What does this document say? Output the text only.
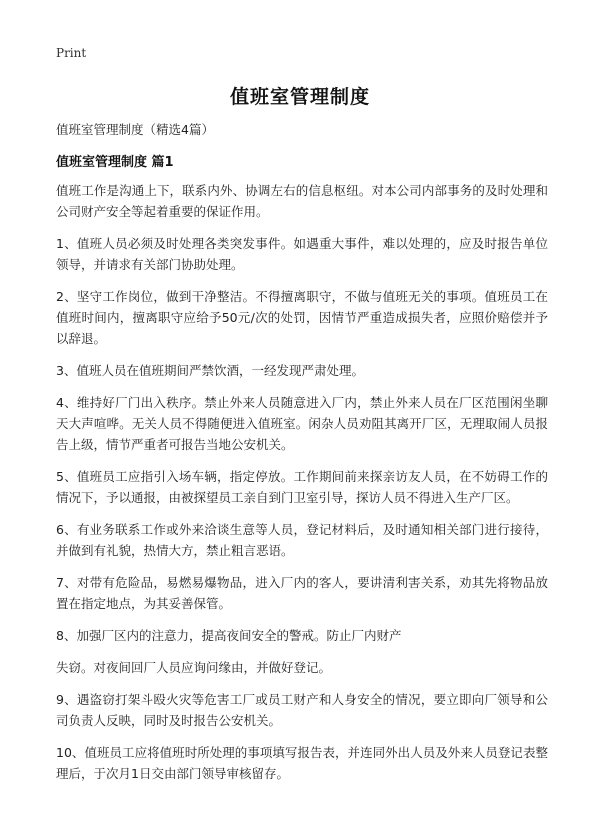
Print
值班室管理制度
值班室管理制度（精选4篇）
值班室管理制度 篇1

值班工作是沟通上下，联系内外、协调左右的信息枢纽。对本公司内部事务的及时处理和公司财产安全等起着重要的保证作用。

1、值班人员必须及时处理各类突发事件。如遇重大事件，难以处理的，应及时报告单位领导，并请求有关部门协助处理。

2、坚守工作岗位，做到干净整洁。不得擅离职守，不做与值班无关的事项。值班员工在值班时间内，擅离职守应给予50元/次的处罚，因情节严重造成损失者，应照价赔偿并予以辞退。

3、值班人员在值班期间严禁饮酒，一经发现严肃处理。

4、维持好厂门出入秩序。禁止外来人员随意进入厂内，禁止外来人员在厂区范围闲坐聊天大声喧哗。无关人员不得随便进入值班室。闲杂人员劝阻其离开厂区，无理取闹人员报告上级，情节严重者可报告当地公安机关。

5、值班员工应指引入场车辆，指定停放。工作期间前来探亲访友人员，在不妨碍工作的情况下，予以通报，由被探望员工亲自到门卫室引导，探访人员不得进入生产厂区。

6、有业务联系工作或外来洽谈生意等人员，登记材料后，及时通知相关部门进行接待，并做到有礼貌，热情大方，禁止粗言恶语。

7、对带有危险品，易燃易爆物品，进入厂内的客人，要讲清利害关系，劝其先将物品放置在指定地点，为其妥善保管。

8、加强厂区内的注意力，提高夜间安全的警戒。防止厂内财产

失窃。对夜间回厂人员应询问缘由，并做好登记。

9、遇盗窃打架斗殴火灾等危害工厂或员工财产和人身安全的情况，要立即向厂领导和公司负责人反映，同时及时报告公安机关。

10、值班员工应将值班时所处理的事项填写报告表，并连同外出人员及外来人员登记表整理后，于次月1日交由部门领导审核留存。
